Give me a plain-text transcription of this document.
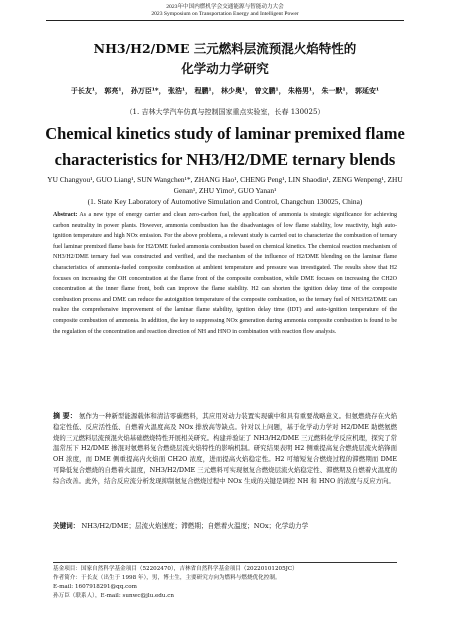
2023年中国内燃机学会交通能源与智能动力大会
2023 Symposium on Transportation Energy and Intelligent Power
NH3/H2/DME 三元燃料层流预混火焰特性的
化学动力学研究
于长友¹， 郭亮¹， 孙万臣¹*， 张浩¹， 程鹏¹， 林少奥¹， 曾文鹏¹， 朱格男¹， 朱一默¹， 郭延安¹
（1. 吉林大学汽车仿真与控制国家重点实验室，长春 130025）
Chemical kinetics study of laminar premixed flame
characteristics for NH3/H2/DME ternary blends
YU Changyou¹, GUO Liang¹, SUN Wangchen¹*, ZHANG Hao¹, CHENG Peng¹, LIN Shaodin¹, ZENG Wenpeng¹, ZHU Genan¹, ZHU Yimo¹, GUO Yanan¹
(1. State Key Laboratory of Automotive Simulation and Control, Changchun 130025, China)
Abstract: As a new type of energy carrier and clean zero-carbon fuel, the application of ammonia is strategic significance for achieving carbon neutrality in power plants. However, ammonia combustion has the disadvantages of low flame stability, low reactivity, high auto-ignition temperature and high NOx emission. For the above problems, a relevant study is carried out to characterize the combustion of ternary fuel laminar premixed flame basis for H2/DME fueled ammonia combustion based on chemical kinetics. The chemical reaction mechanism of NH3/H2/DME ternary fuel was constructed and verified, and the mechanism of the influence of H2/DME blending on the laminar flame characteristics of ammonia-fueled composite combustion at ambient temperature and pressure was investigated. The results show that H2 focuses on increasing the OH concentration at the flame front of the composite combustion, while DME focuses on increasing the CH2O concentration at the inner flame front, both can improve the flame stability. H2 can shorten the ignition delay time of the composite combustion process and DME can reduce the autoignition temperature of the composite combustion, so the ternary fuel of NH3/H2/DME can realize the comprehensive improvement of the laminar flame stability, ignition delay time (IDT) and auto-ignition temperature of the composite combustion of ammonia. In addition, the key to suppressing NOx generation during ammonia composite combustion is found to be the regulation of the concentration and reaction direction of NH and HNO in combination with reaction flow analysis.
摘 要： 氨作为一种新型能源载体和清洁零碳燃料，其应用对动力装置实现碳中和具有重要战略意义。但氨燃烧存在火焰稳定性低、反应活性低、自燃着火温度高及 NOx 排放高等缺点。针对以上问题，基于化学动力学对 H2/DME 助燃氨燃烧的三元燃料层流预混火焰基础燃烧特性开展相关研究。构建并验证了 NH3/H2/DME 三元燃料化学反应机理，探究了常温常压下 H2/DME 掺混对氨燃料复合燃烧层流火焰特性的影响机制。研究结果表明 H2 侧重提高复合燃烧层流火焰锋面 OH 浓度，而 DME 侧重提高内火焰面 CH2O 浓度，进而提高火焰稳定性。H2 可缩短复合燃烧过程的滞燃期而 DME 可降低复合燃烧的自燃着火温度，NH3/H2/DME 三元燃料可实现氨复合燃烧层流火焰稳定性、滞燃期及自燃着火温度的综合改善。此外，结合反应流分析发现抑制氨复合燃烧过程中 NOx 生成的关键是调控 NH 和 HNO 的浓度与反应方向。
关键词： NH3/H2/DME；层流火焰速度；滞燃期；自燃着火温度；NOx；化学动力学
基金项目：国家自然科学基金项目（52202470），吉林省自然科学基金项目（20220101205JC）
作者简介：于长友（出生于 1998 年），男，博士生，主要研究方向为燃料与燃烧优化控制。
E-mail: 1607918291@qq.com
孙万臣（联系人），E-mail: sunwc@jlu.edu.cn
